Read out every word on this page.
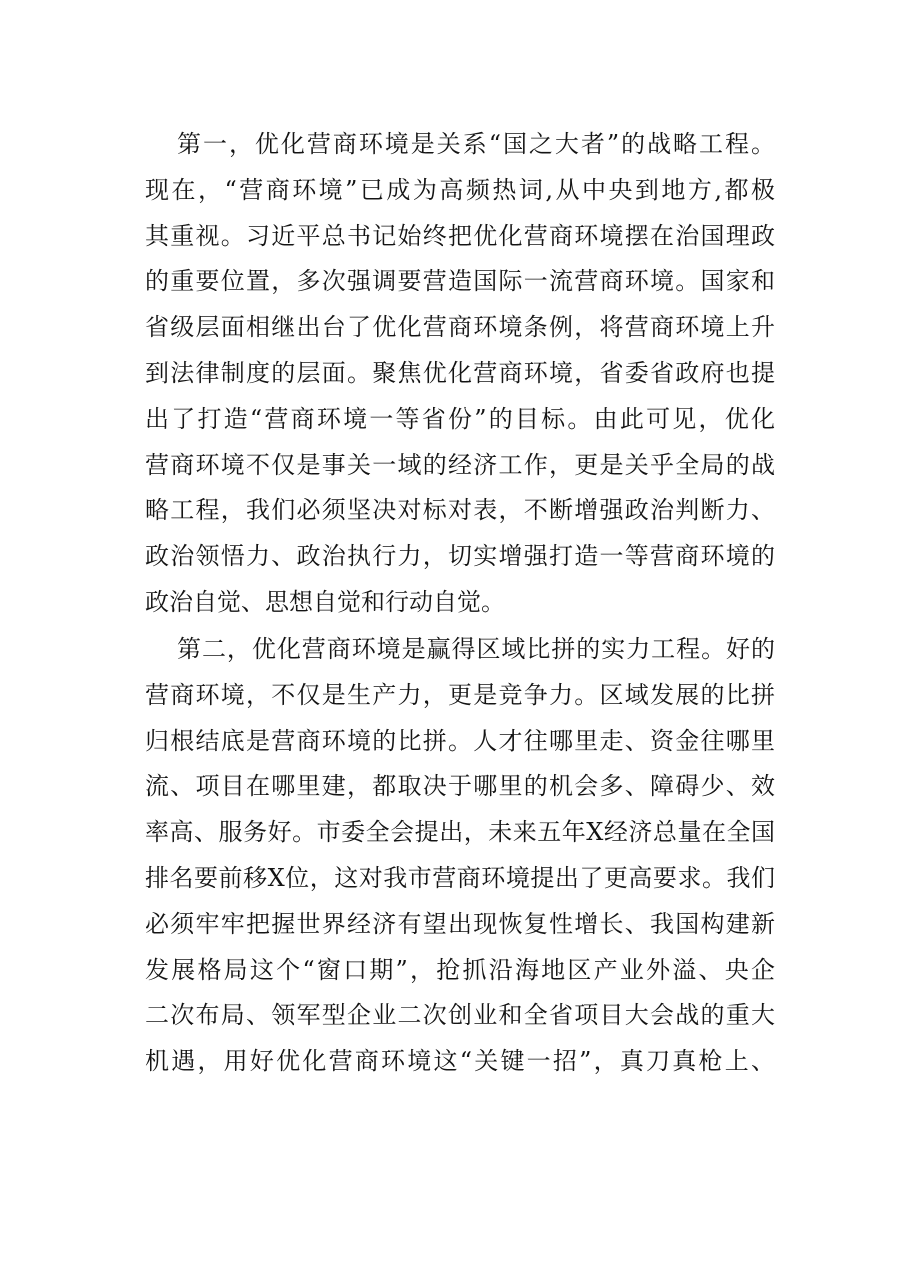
第一，优化营商环境是关系“国之大者”的战略工程。
现在，“营商环境”已成为高频热词,从中央到地方,都极
其重视。习近平总书记始终把优化营商环境摆在治国理政
的重要位置，多次强调要营造国际一流营商环境。国家和
省级层面相继出台了优化营商环境条例，将营商环境上升
到法律制度的层面。聚焦优化营商环境，省委省政府也提
出了打造“营商环境一等省份”的目标。由此可见，优化
营商环境不仅是事关一域的经济工作，更是关乎全局的战
略工程，我们必须坚决对标对表，不断增强政治判断力、
政治领悟力、政治执行力，切实增强打造一等营商环境的
政治自觉、思想自觉和行动自觉。
第二，优化营商环境是赢得区域比拼的实力工程。好的
营商环境，不仅是生产力，更是竞争力。区域发展的比拼
归根结底是营商环境的比拼。人才往哪里走、资金往哪里
流、项目在哪里建，都取决于哪里的机会多、障碍少、效
率高、服务好。市委全会提出，未来五年X经济总量在全国
排名要前移X位，这对我市营商环境提出了更高要求。我们
必须牢牢把握世界经济有望出现恢复性增长、我国构建新
发展格局这个“窗口期”，抢抓沿海地区产业外溢、央企
二次布局、领军型企业二次创业和全省项目大会战的重大
机遇，用好优化营商环境这“关键一招”，真刀真枪上、
